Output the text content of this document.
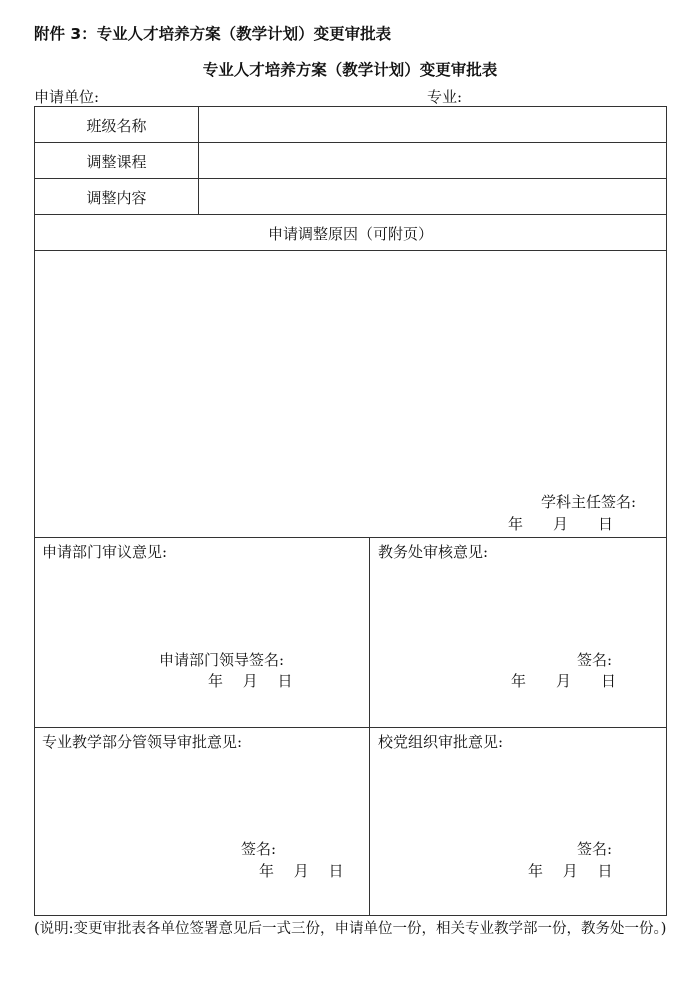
附件 3：专业人才培养方案（教学计划）变更审批表
专业人才培养方案（教学计划）变更审批表
申请单位:	专业:
班级名称
调整课程
调整内容
申请调整原因（可附页）
学科主任签名:
年　　月　　日
申请部门审议意见:
申请部门领导签名:
年　 月　 日
教务处审核意见:
签名:
年　　月　　日
专业教学部分管领导审批意见:
签名:
年　 月　 日
校党组织审批意见:
签名:
年　 月　 日
(说明:变更审批表各单位签署意见后一式三份，申请单位一份，相关专业教学部一份，教务处一份。)
